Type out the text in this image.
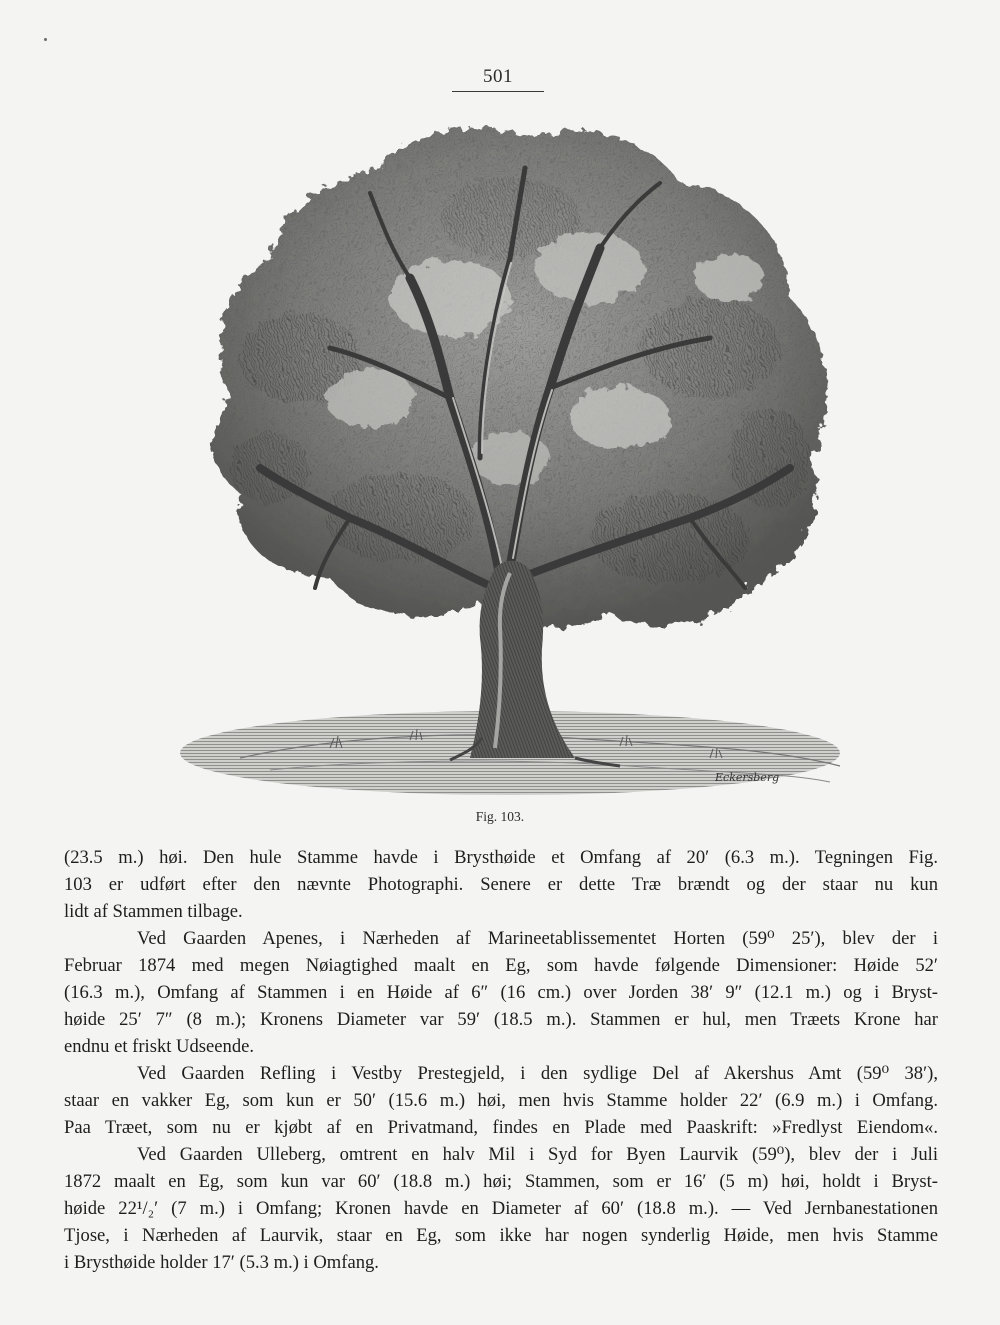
501
Eckersberg
Fig. 103.

(23.5 m.) høi. Den hule Stamme havde i Brysthøide et Omfang af 20′ (6.3 m.). Tegningen Fig.
103 er udført efter den nævnte Photographi. Senere er dette Træ brændt og der staar nu kun
lidt af Stammen tilbage.

Ved Gaarden Apenes, i Nærheden af Marineetablissementet Horten (59⁰ 25′), blev der i
Februar 1874 med megen Nøiagtighed maalt en Eg, som havde følgende Dimensioner: Høide 52′
(16.3 m.), Omfang af Stammen i en Høide af 6″ (16 cm.) over Jorden 38′ 9″ (12.1 m.) og i Bryst-
høide 25′ 7″ (8 m.); Kronens Diameter var 59′ (18.5 m.). Stammen er hul, men Træets Krone har
endnu et friskt Udseende.

Ved Gaarden Refling i Vestby Prestegjeld, i den sydlige Del af Akershus Amt (59⁰ 38′),
staar en vakker Eg, som kun er 50′ (15.6 m.) høi, men hvis Stamme holder 22′ (6.9 m.) i Omfang.
Paa Træet, som nu er kjøbt af en Privatmand, findes en Plade med Paaskrift: »Fredlyst Eiendom«.

Ved Gaarden Ulleberg, omtrent en halv Mil i Syd for Byen Laurvik (59⁰), blev der i Juli
1872 maalt en Eg, som kun var 60′ (18.8 m.) høi; Stammen, som er 16′ (5 m) høi, holdt i Bryst-
høide 22¹/₂′ (7 m.) i Omfang; Kronen havde en Diameter af 60′ (18.8 m.). — Ved Jernbanestationen
Tjose, i Nærheden af Laurvik, staar en Eg, som ikke har nogen synderlig Høide, men hvis Stamme
i Brysthøide holder 17′ (5.3 m.) i Omfang.
